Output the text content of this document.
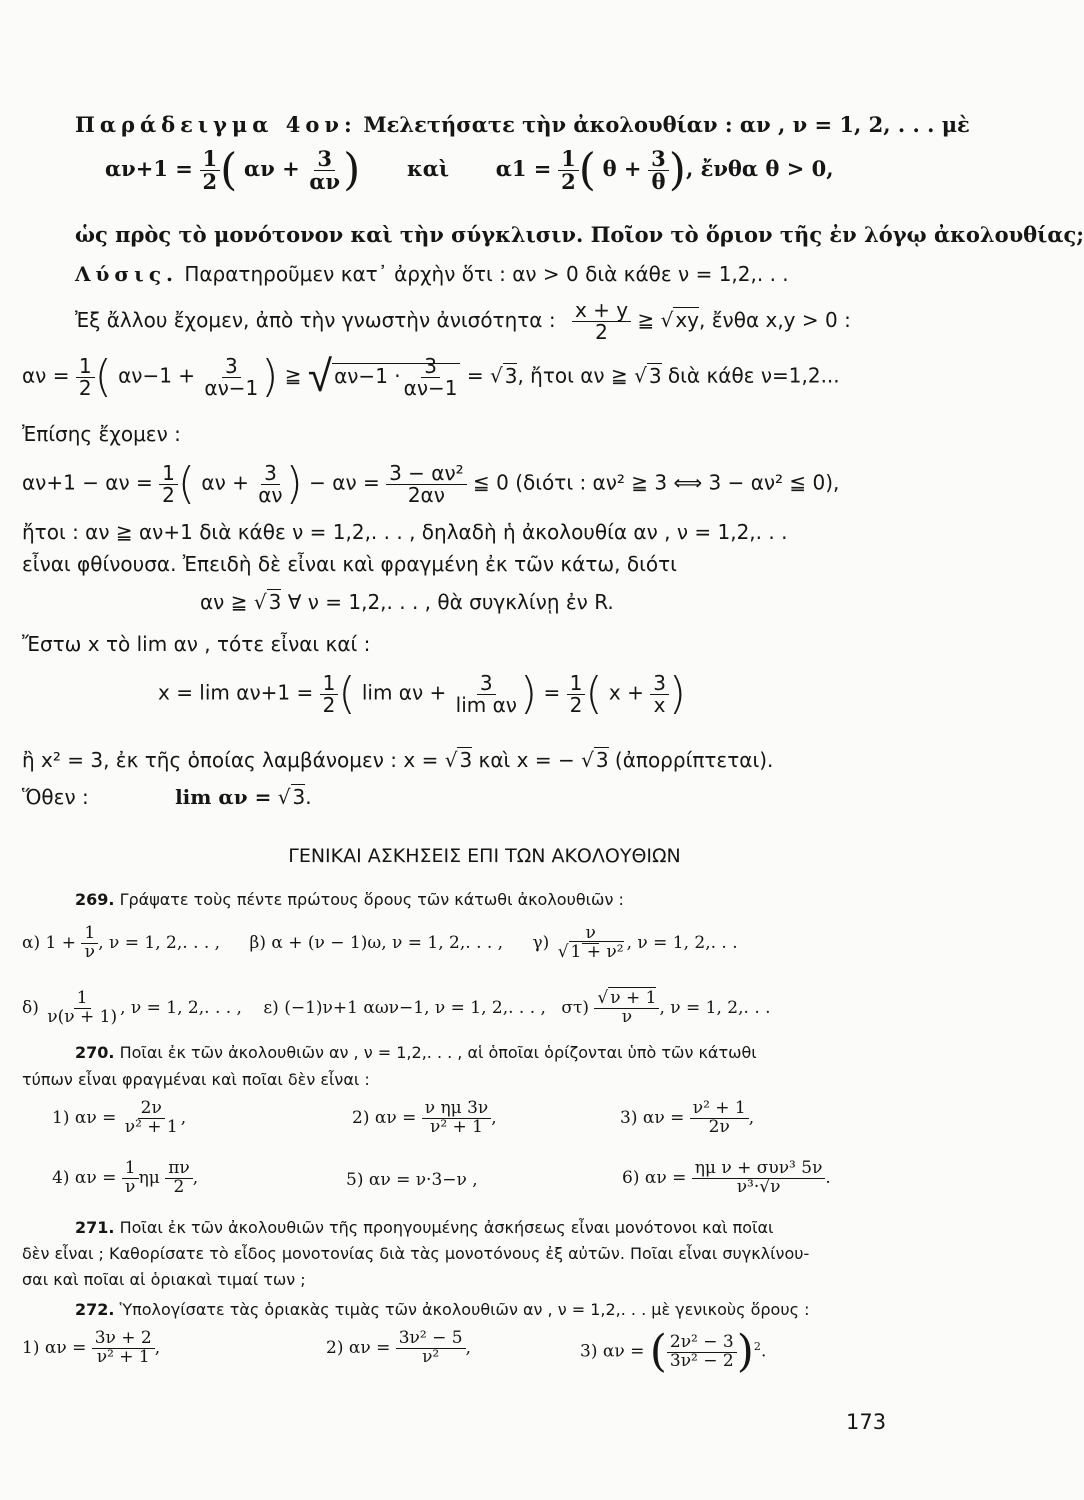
Παράδειγμα 4ον: Μελετήσατε τὴν ἀκολουθίαν : αν , ν = 1, 2, . . . μὲ
$\alpha\nu+1 = \frac{1}{2}$ ( $\alpha\nu + \frac{3}{\alpha\nu}$ ) καὶ $\alpha 1 = \frac{1}{2}$ ( $\theta + \frac{3}{\theta}$ ), ἔνθα θ > 0,
ὡς πρὸς τὸ μονότονον καὶ τὴν σύγκλισιν. Ποῖον τὸ ὅριον τῆς ἐν λόγῳ ἀκολουθίας;
Λύσις. Παρατηροῦμεν κατ᾽ ἀρχὴν ὅτι : αν > 0 διὰ κάθε ν = 1,2,. . .
Ἐξ ἄλλου ἔχομεν, ἀπὸ τὴν γνωστὴν ἀνισότητα : $\frac{x + y}{2}$ ≧ √ xy, ἔνθα x,y > 0 :
$\alpha\nu = \frac{1}{2}$ ( $\alpha\nu-1 + \frac{3}{\alpha\nu-1}$ ) ≧ √ $\alpha\nu-1 \cdot \frac{3}{\alpha\nu-1}$ = √ 3, ἤτοι αν ≧ √ 3 διὰ κάθε ν=1,2...
Ἐπίσης ἔχομεν :
$\alpha\nu+1 - \alpha\nu = \frac{1}{2}$ ( $\alpha\nu + \frac{3}{\alpha\nu}$ ) − $\alpha\nu = \frac{\text{3 − αν²}}{2\alpha\nu}$ ≦ 0 (διότι : αν² ≧ 3 ⟺ 3 − αν² ≦ 0),
ἤτοι : αν ≧ αν+1 διὰ κάθε ν = 1,2,. . . , δηλαδὴ ἡ ἀκολουθία αν , ν = 1,2,. . .
εἶναι φθίνουσα. Ἐπειδὴ δὲ εἶναι καὶ φραγμένη ἐκ τῶν κάτω, διότι
αν ≧ √ 3 ∀ ν = 1,2,. . . , θὰ συγκλίνῃ ἐν R.
Ἔστω x τὸ lim αν , τότε εἶναι καί :
$x = \lim \alpha\nu+1 = \frac{1}{2}$ ( $\lim \alpha\nu + \frac{3}{\text{lim αν}}$ ) = $\frac{1}{2}$ ( $x + \frac{3}{x}$ )
ἢ x² = 3, ἐκ τῆς ὁποίας λαμβάνομεν : x = √ 3 καὶ x = − √ 3 (ἀπορρίπτεται).
Ὅθεν :	lim αν = √ 3.
ΓΕΝΙΚΑΙ ΑΣΚΗΣΕΙΣ ΕΠΙ ΤΩΝ ΑΚΟΛΟΥΘΙΩΝ
269. Γράψατε τοὺς πέντε πρώτους ὅρους τῶν κάτωθι ἀκολουθιῶν :
α) $1 + \frac{1}{\nu}$ , ν = 1, 2,. . . , β) α + (ν − 1)ω, ν = 1, 2,. . . , $\gamma) \frac{\nu}{\text{√ 1 + ν²}}$ , ν = 1, 2,. . .
$\delta) \frac{1}{\nu(\nu + 1)}$ , ν = 1, 2,. . . , ε) (−1)ν+1 αων−1, ν = 1, 2,. . . , $\sigma\tau) \frac{√ \nu + 1}{\nu}$ , ν = 1, 2,. . .
270. Ποῖαι ἐκ τῶν ἀκολουθιῶν αν , ν = 1,2,. . . , αἱ ὁποῖαι ὁρίζονται ὑπὸ τῶν κάτωθι
τύπων εἶναι φραγμέναι καὶ ποῖαι δὲν εἶναι :
1) $\alpha\nu = \frac{2\nu}{\text{ν² + 1}}$ ,	2) $\alpha\nu = \frac{\text{ν ημ 3ν}}{\text{ν² + 1}}$ ,	3) $\alpha\nu = \frac{\text{ν² + 1}}{2\nu}$ ,
4) $\alpha\nu = \frac{1}{\nu}$ ημ $\frac{\pi\nu}{2}$ ,	5) αν = ν·3−ν ,	6) αν = ημ ν + συν³ 5ν
ν³·√ν	.
271. Ποῖαι ἐκ τῶν ἀκολουθιῶν τῆς προηγουμένης ἀσκήσεως εἶναι μονότονοι καὶ ποῖαι
δὲν εἶναι ; Καθορίσατε τὸ εἶδος μονοτονίας διὰ τὰς μονοτόνους ἐξ αὐτῶν. Ποῖαι εἶναι συγκλίνου-
σαι καὶ ποῖαι αἱ ὁριακαὶ τιμαί των ;
272. Ὑπολογίσατε τὰς ὁριακὰς τιμὰς τῶν ἀκολουθιῶν αν , ν = 1,2,. . . μὲ γενικοὺς ὅρους :
1) $\alpha\nu = \frac{3\nu + 2}{\text{ν² + 1}}$ ,	2) $\alpha\nu = \frac{\text{3ν² − 5}}{\text{ν²}}$ ,	3) αν = ( $\frac{\text{2ν² − 3}}{\text{3ν² − 2}} )^2$.
173
